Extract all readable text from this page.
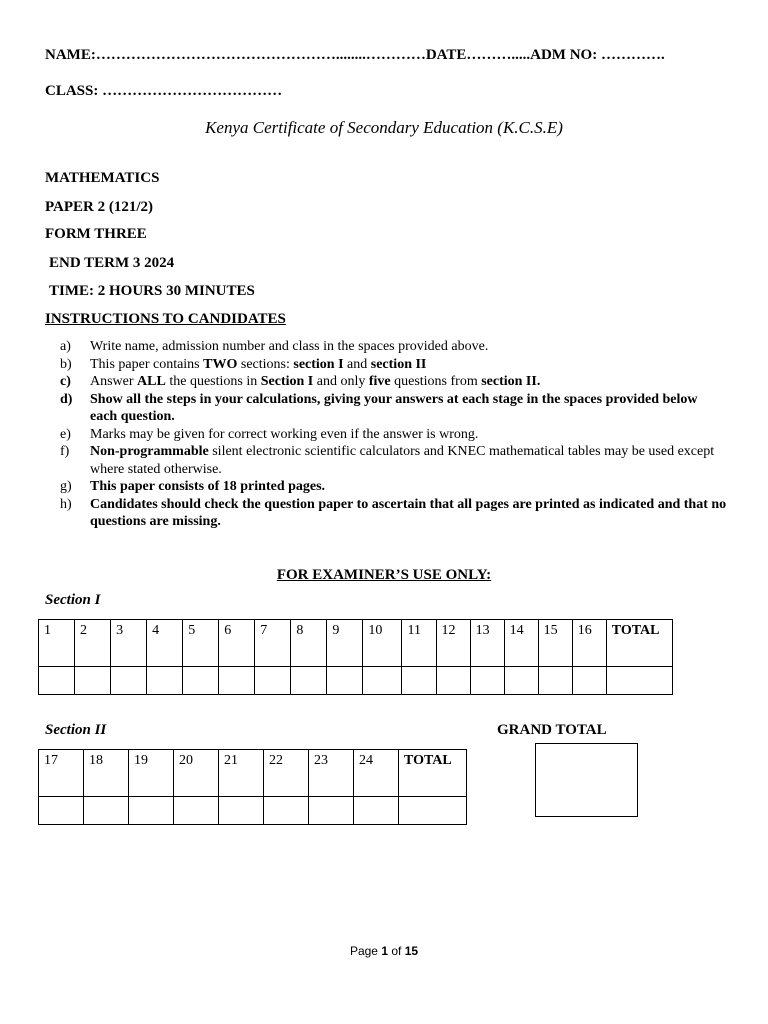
NAME:…………………………………………........…………DATE……….....ADM NO: ………….
CLASS: ………………………………
Kenya Certificate of Secondary Education (K.C.S.E)
MATHEMATICS
PAPER 2 (121/2)
FORM THREE
END TERM 3 2024
TIME: 2 HOURS 30 MINUTES
INSTRUCTIONS TO CANDIDATES
a)	Write name, admission number and class in the spaces provided above.
b)	This paper contains TWO sections: section I and section II
c)	Answer ALL the questions in Section I and only five questions from section II.
d)	Show all the steps in your calculations, giving your answers at each stage in the spaces provided below each question.
e)	Marks may be given for correct working even if the answer is wrong.
f)	Non-programmable silent electronic scientific calculators and KNEC mathematical tables may be used except where stated otherwise.
g)	This paper consists of 18 printed pages.
h)	Candidates should check the question paper to ascertain that all pages are printed as indicated and that no questions are missing.
FOR EXAMINER’S USE ONLY:
Section I
1	2	3	4	5	6	7	8	9	10	11	12	13	14	15	16	TOTAL

Section II	GRAND TOTAL
17	18	19	20	21	22	23	24	TOTAL

Page 1 of 15
